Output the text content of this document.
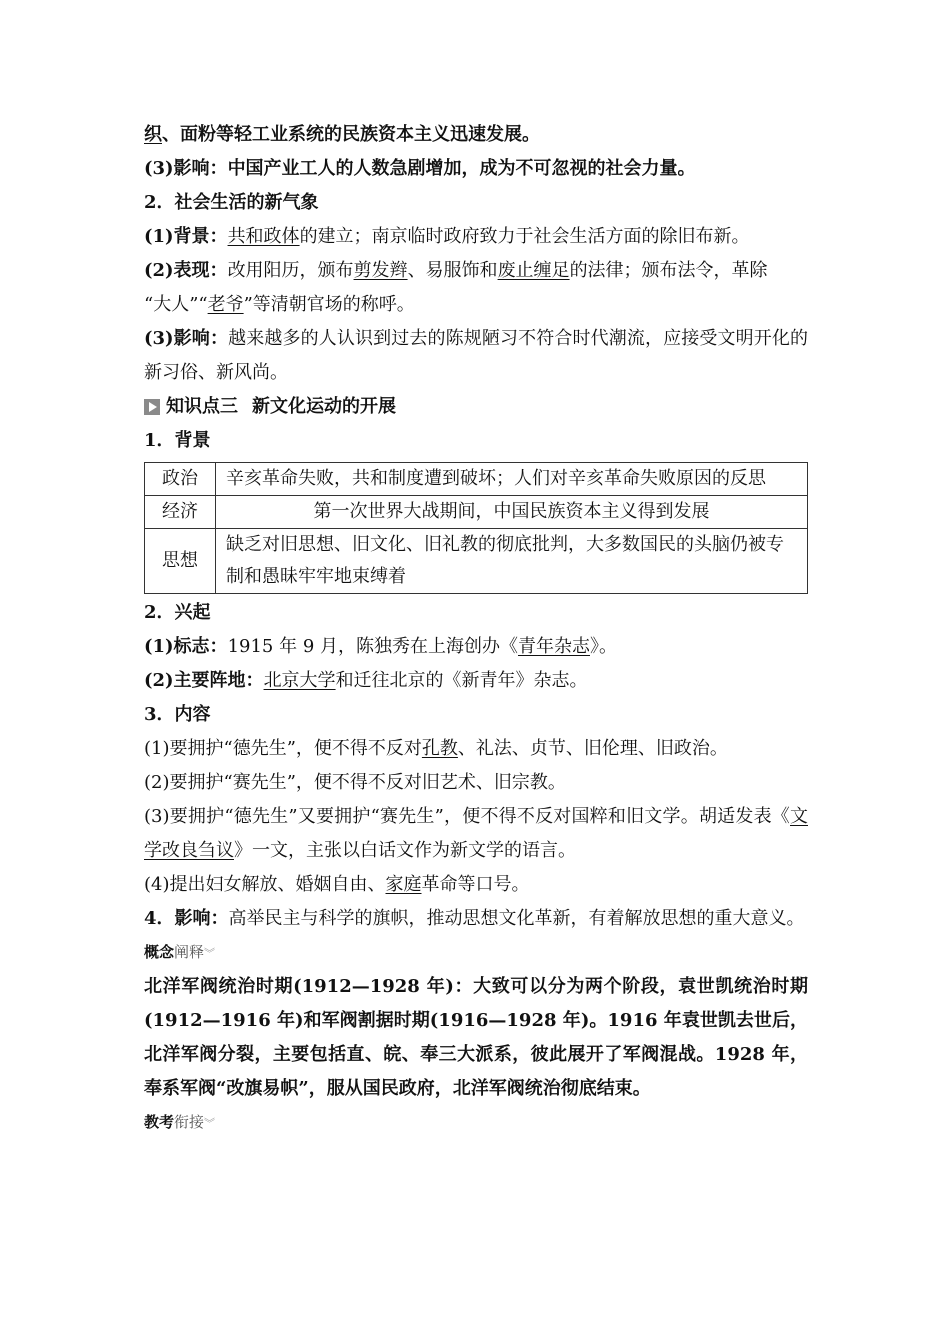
织、面粉等轻工业系统的民族资本主义迅速发展。
(3)影响：中国产业工人的人数急剧增加，成为不可忽视的社会力量。
2．社会生活的新气象
(1)背景：共和政体的建立；南京临时政府致力于社会生活方面的除旧布新。
(2)表现：改用阳历，颁布剪发辫、易服饰和废止缠足的法律；颁布法令，革除
“大人”“老爷”等清朝官场的称呼。
(3)影响：越来越多的人认识到过去的陈规陋习不符合时代潮流，应接受文明开化的新习俗、新风尚。
知识点三 新文化运动的开展
1．背景
政治	辛亥革命失败，共和制度遭到破坏；人们对辛亥革命失败原因的反思
经济	第一次世界大战期间，中国民族资本主义得到发展
思想	缺乏对旧思想、旧文化、旧礼教的彻底批判，大多数国民的头脑仍被专制和愚昧牢牢地束缚着
2．兴起
(1)标志：1915 年 9 月，陈独秀在上海创办《青年杂志》。
(2)主要阵地：北京大学和迁往北京的《新青年》杂志。
3．内容
(1)要拥护“德先生”，便不得不反对孔教、礼法、贞节、旧伦理、旧政治。
(2)要拥护“赛先生”，便不得不反对旧艺术、旧宗教。
(3)要拥护“德先生”又要拥护“赛先生”，便不得不反对国粹和旧文学。胡适发表《文学改良刍议》一文，主张以白话文作为新文学的语言。
(4)提出妇女解放、婚姻自由、家庭革命等口号。
4．影响：高举民主与科学的旗帜，推动思想文化革新，有着解放思想的重大意义。
概念阐释︾
北洋军阀统治时期(1912—1928 年)：大致可以分为两个阶段，袁世凯统治时期(1912—1916 年)和军阀割据时期(1916—1928 年)。1916 年袁世凯去世后，北洋军阀分裂，主要包括直、皖、奉三大派系，彼此展开了军阀混战。1928 年，奉系军阀“改旗易帜”，服从国民政府，北洋军阀统治彻底结束。
教考衔接︾
